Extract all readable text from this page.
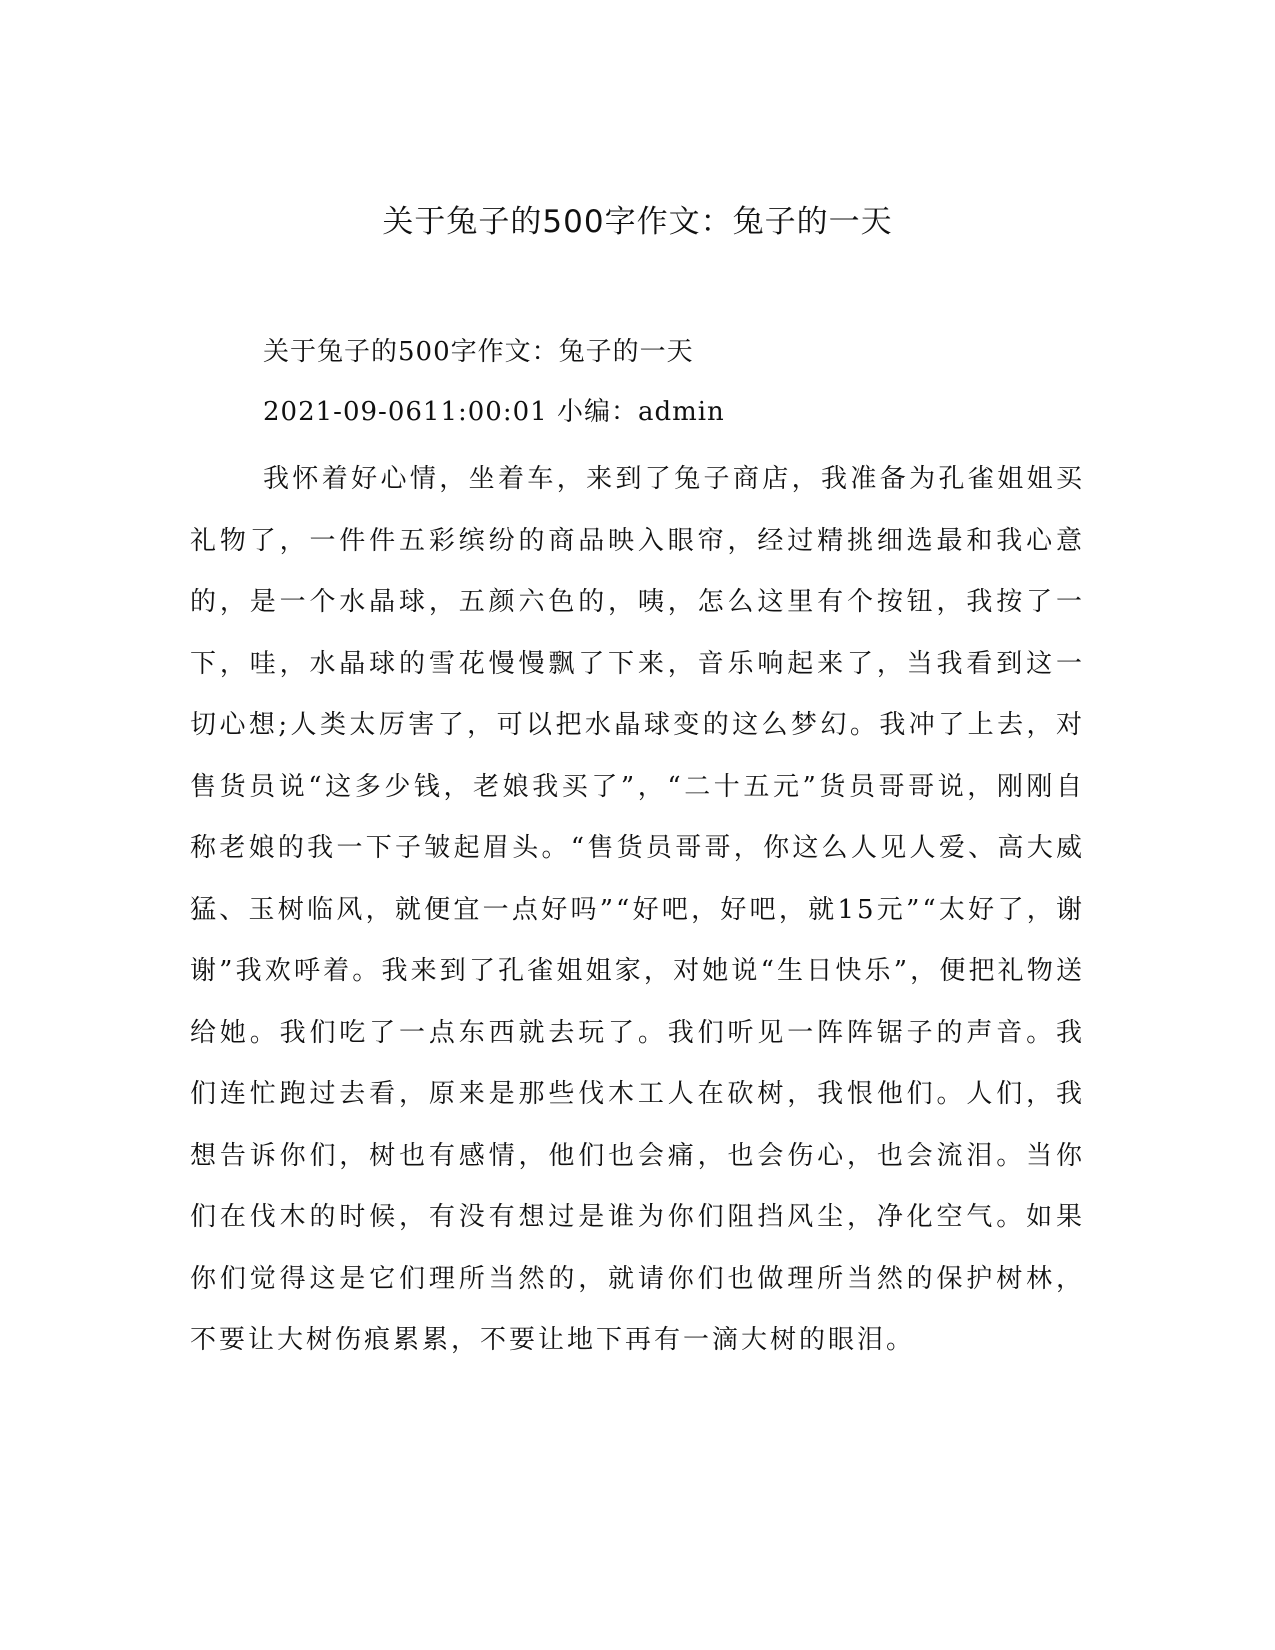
关于兔子的500字作文：兔子的一天

关于兔子的500字作文：兔子的一天

2021-09-0611:00:01 小编：admin

我怀着好心情，坐着车，来到了兔子商店，我准备为孔雀姐姐买礼物了，一件件五彩缤纷的商品映入眼帘，经过精挑细选最和我心意的，是一个水晶球，五颜六色的，咦，怎么这里有个按钮，我按了一下，哇，水晶球的雪花慢慢飘了下来，音乐响起来了，当我看到这一切心想;人类太厉害了，可以把水晶球变的这么梦幻。我冲了上去，对售货员说“这多少钱，老娘我买了”，“二十五元”货员哥哥说，刚刚自称老娘的我一下子皱起眉头。“售货员哥哥，你这么人见人爱、高大威猛、玉树临风，就便宜一点好吗”“好吧，好吧，就15元”“太好了，谢谢”我欢呼着。我来到了孔雀姐姐家，对她说“生日快乐”，便把礼物送给她。我们吃了一点东西就去玩了。我们听见一阵阵锯子的声音。我们连忙跑过去看，原来是那些伐木工人在砍树，我恨他们。人们，我想告诉你们，树也有感情，他们也会痛，也会伤心，也会流泪。当你们在伐木的时候，有没有想过是谁为你们阻挡风尘，净化空气。如果你们觉得这是它们理所当然的，就请你们也做理所当然的保护树林，不要让大树伤痕累累，不要让地下再有一滴大树的眼泪。
